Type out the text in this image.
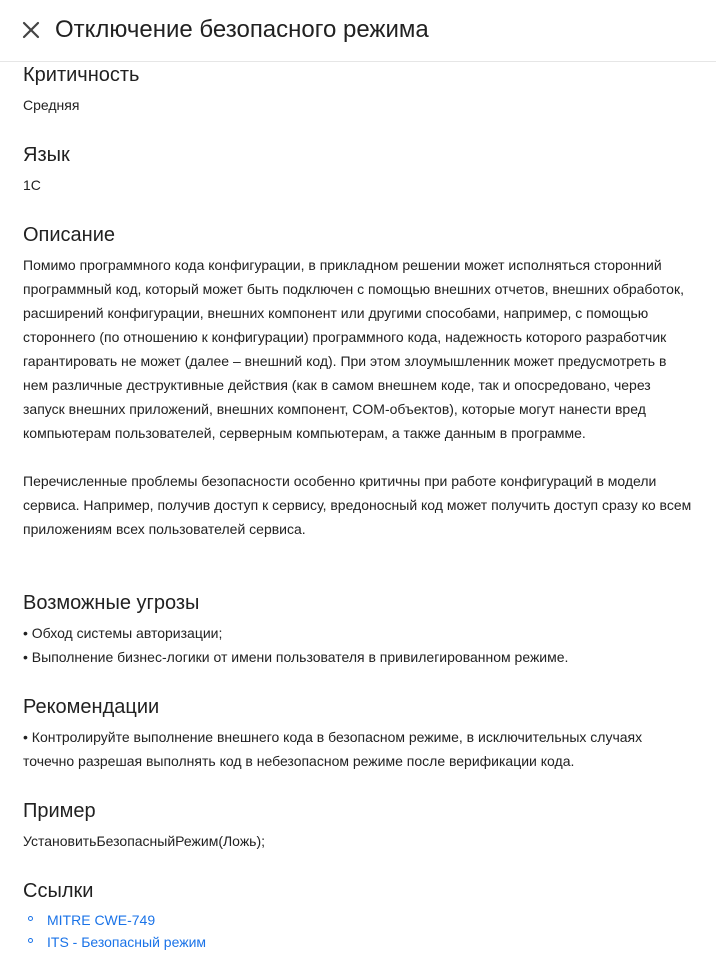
Отключение безопасного режима
Критичность

Средняя

Язык

1С

Описание

Помимо программного кода конфигурации, в прикладном решении может исполняться сторонний программный код, который может быть подключен с помощью внешних отчетов, внешних обработок, расширений конфигурации, внешних компонент или другими способами, например, с помощью стороннего (по отношению к конфигурации) программного кода, надежность которого разработчик гарантировать не может (далее – внешний код). При этом злоумышленник может предусмотреть в нем различные деструктивные действия (как в самом внешнем коде, так и опосредовано, через запуск внешних приложений, внешних компонент, COM-объектов), которые могут нанести вред компьютерам пользователей, серверным компьютерам, а также данным в программе.

Перечисленные проблемы безопасности особенно критичны при работе конфигураций в модели сервиса. Например, получив доступ к сервису, вредоносный код может получить доступ сразу ко всем приложениям всех пользователей сервиса.

Возможные угрозы

• Обход системы авторизации;

• Выполнение бизнес-логики от имени пользователя в привилегированном режиме.

Рекомендации

• Контролируйте выполнение внешнего кода в безопасном режиме, в исключительных случаях точечно разрешая выполнять код в небезопасном режиме после верификации кода.

Пример

УстановитьБезопасныйРежим(Ложь);

Ссылки
MITRE CWE-749
ITS - Безопасный режим
